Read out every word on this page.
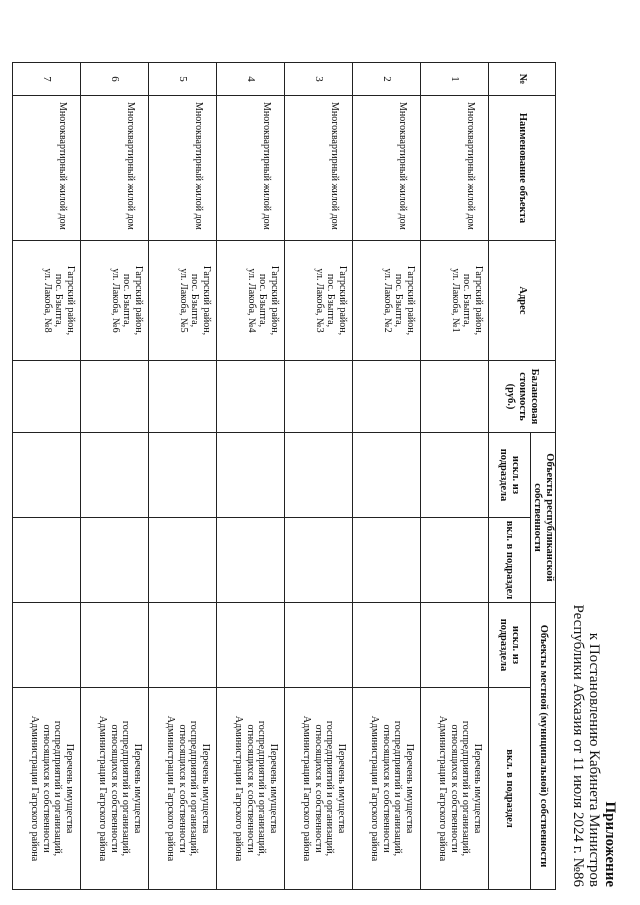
Приложение
к Постановлению Кабинета Министров
Республики Абхазия от 11 июля 2024 г. №86
№	Наименование объекта	Адрес	Балансовая стоимость (руб.)	Объекты республиканской собственности		Объекты местной (муниципальной) собственности	
				искл. из подраздела	вкл. в подраздел	искл. из подраздела	вкл. в подраздел
1	Многоквартирный жилой дом	Гагрский район,
пос. Бзыпта,
ул. Лакоба, №1					Перечень имущества
госпредприятий и организаций,
относящихся к собственности
Администрации Гагрского района

2	Многоквартирный жилой дом	Гагрский район,
пос. Бзыпта,
ул. Лакоба, №2					Перечень имущества
госпредприятий и организаций,
относящихся к собственности
Администрации Гагрского района

3	Многоквартирный жилой дом	Гагрский район,
пос. Бзыпта,
ул. Лакоба, №3					Перечень имущества
госпредприятий и организаций,
относящихся к собственности
Администрации Гагрского района

4	Многоквартирный жилой дом	Гагрский район,
пос. Бзыпта,
ул. Лакоба, №4					Перечень имущества
госпредприятий и организаций,
относящихся к собственности
Администрации Гагрского района

5	Многоквартирный жилой дом	Гагрский район,
пос. Бзыпта,
ул. Лакоба, №5					Перечень имущества
госпредприятий и организаций,
относящихся к собственности
Администрации Гагрского района

6	Многоквартирный жилой дом	Гагрский район,
пос. Бзыпта,
ул. Лакоба, №6					Перечень имущества
госпредприятий и организаций,
относящихся к собственности
Администрации Гагрского района

7	Многоквартирный жилой дом	Гагрский район,
пос. Бзыпта,
ул. Лакоба, №8					Перечень имущества
госпредприятий и организаций,
относящихся к собственности
Администрации Гагрского района
